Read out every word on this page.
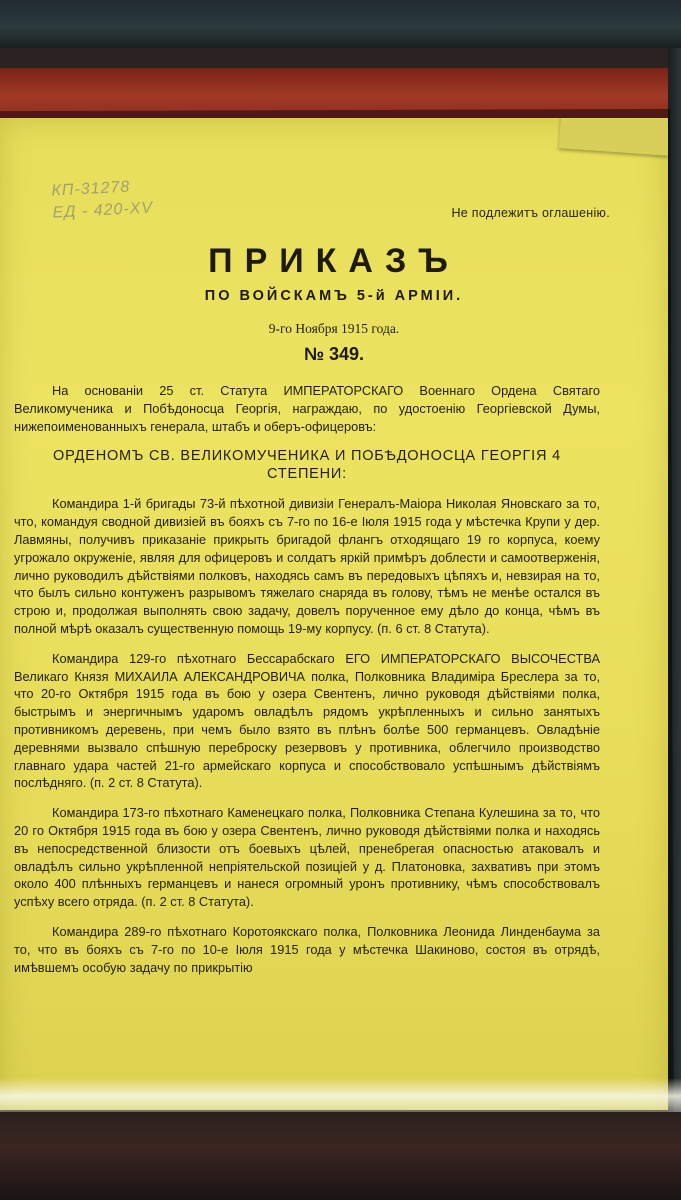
КП-31278
ЕД - 420-ХV	Не подлежитъ оглашенію.
ПРИКАЗЪ
ПО ВОЙСКАМЪ 5-й АРМІИ.
9-го Ноября 1915 года.
№ 349.

На основаніи 25 ст. Статута ИМПЕРАТОРСКАГО Военнаго Ордена Святаго Великомученика и Побѣдоносца Георгія, награждаю, по удостоенію Георгіевской Думы, нижепоименованныхъ генерала, штабъ и оберъ-офицеровъ:

ОРДЕНОМЪ СВ. ВЕЛИКОМУЧЕНИКА И ПОБѢДОНОСЦА ГЕОРГІЯ 4 СТЕПЕНИ:

Командира 1-й бригады 73-й пѣхотной дивизіи Генералъ-Маіора Николая Яновскаго за то, что, командуя сводной дивизіей въ бояхъ съ 7-го по 16-е Іюля 1915 года у мѣстечка Крупи у дер. Лавмяны, получивъ приказаніе прикрыть бригадой флангъ отходящаго 19 го корпуса, коему угрожало окруженіе, являя для офицеровъ и солдатъ яркій примѣръ доблести и самоотверженія, лично руководилъ дѣйствіями полковъ, находясь самъ въ передовыхъ цѣпяхъ и, невзирая на то, что былъ сильно контуженъ разрывомъ тяжелаго снаряда въ голову, тѣмъ не менѣе остался въ строю и, продолжая выполнять свою задачу, довелъ порученное ему дѣло до конца, чѣмъ въ полной мѣрѣ оказалъ существенную помощь 19-му корпусу. (п. 6 ст. 8 Статута).

Командира 129-го пѣхотнаго Бессарабскаго ЕГО ИМПЕРАТОРСКАГО ВЫСОЧЕСТВА Великаго Князя МИХАИЛА АЛЕКСАНДРОВИЧА полка, Полковника Владиміра Бреслера за то, что 20-го Октября 1915 года въ бою у озера Свентенъ, лично руководя дѣйствіями полка, быстрымъ и энергичнымъ ударомъ овладѣлъ рядомъ укрѣпленныхъ и сильно занятыхъ противникомъ деревень, при чемъ было взято въ плѣнъ болѣе 500 германцевъ. Овладѣніе деревнями вызвало спѣшную переброску резервовъ у противника, облегчило производство главнаго удара частей 21-го армейскаго корпуса и способствовало успѣшнымъ дѣйствіямъ послѣдняго. (п. 2 ст. 8 Статута).

Командира 173-го пѣхотнаго Каменецкаго полка, Полковника Степана Кулешина за то, что 20 го Октября 1915 года въ бою у озера Свентенъ, лично руководя дѣйствіями полка и находясь въ непосредственной близости отъ боевыхъ цѣлей, пренебрегая опасностью атаковалъ и овладѣлъ сильно укрѣпленной непріятельской позиціей у д. Платоновка, захвативъ при этомъ около 400 плѣнныхъ германцевъ и нанеся огромный уронъ противнику, чѣмъ способствовалъ успѣху всего отряда. (п. 2 ст. 8 Статута).

Командира 289-го пѣхотнаго Коротоякскаго полка, Полковника Леонида Линденбаума за то, что въ бояхъ съ 7-го по 10-е Іюля 1915 года у мѣстечка Шакиново, состоя въ отрядѣ, имѣвшемъ особую задачу по прикрытію
